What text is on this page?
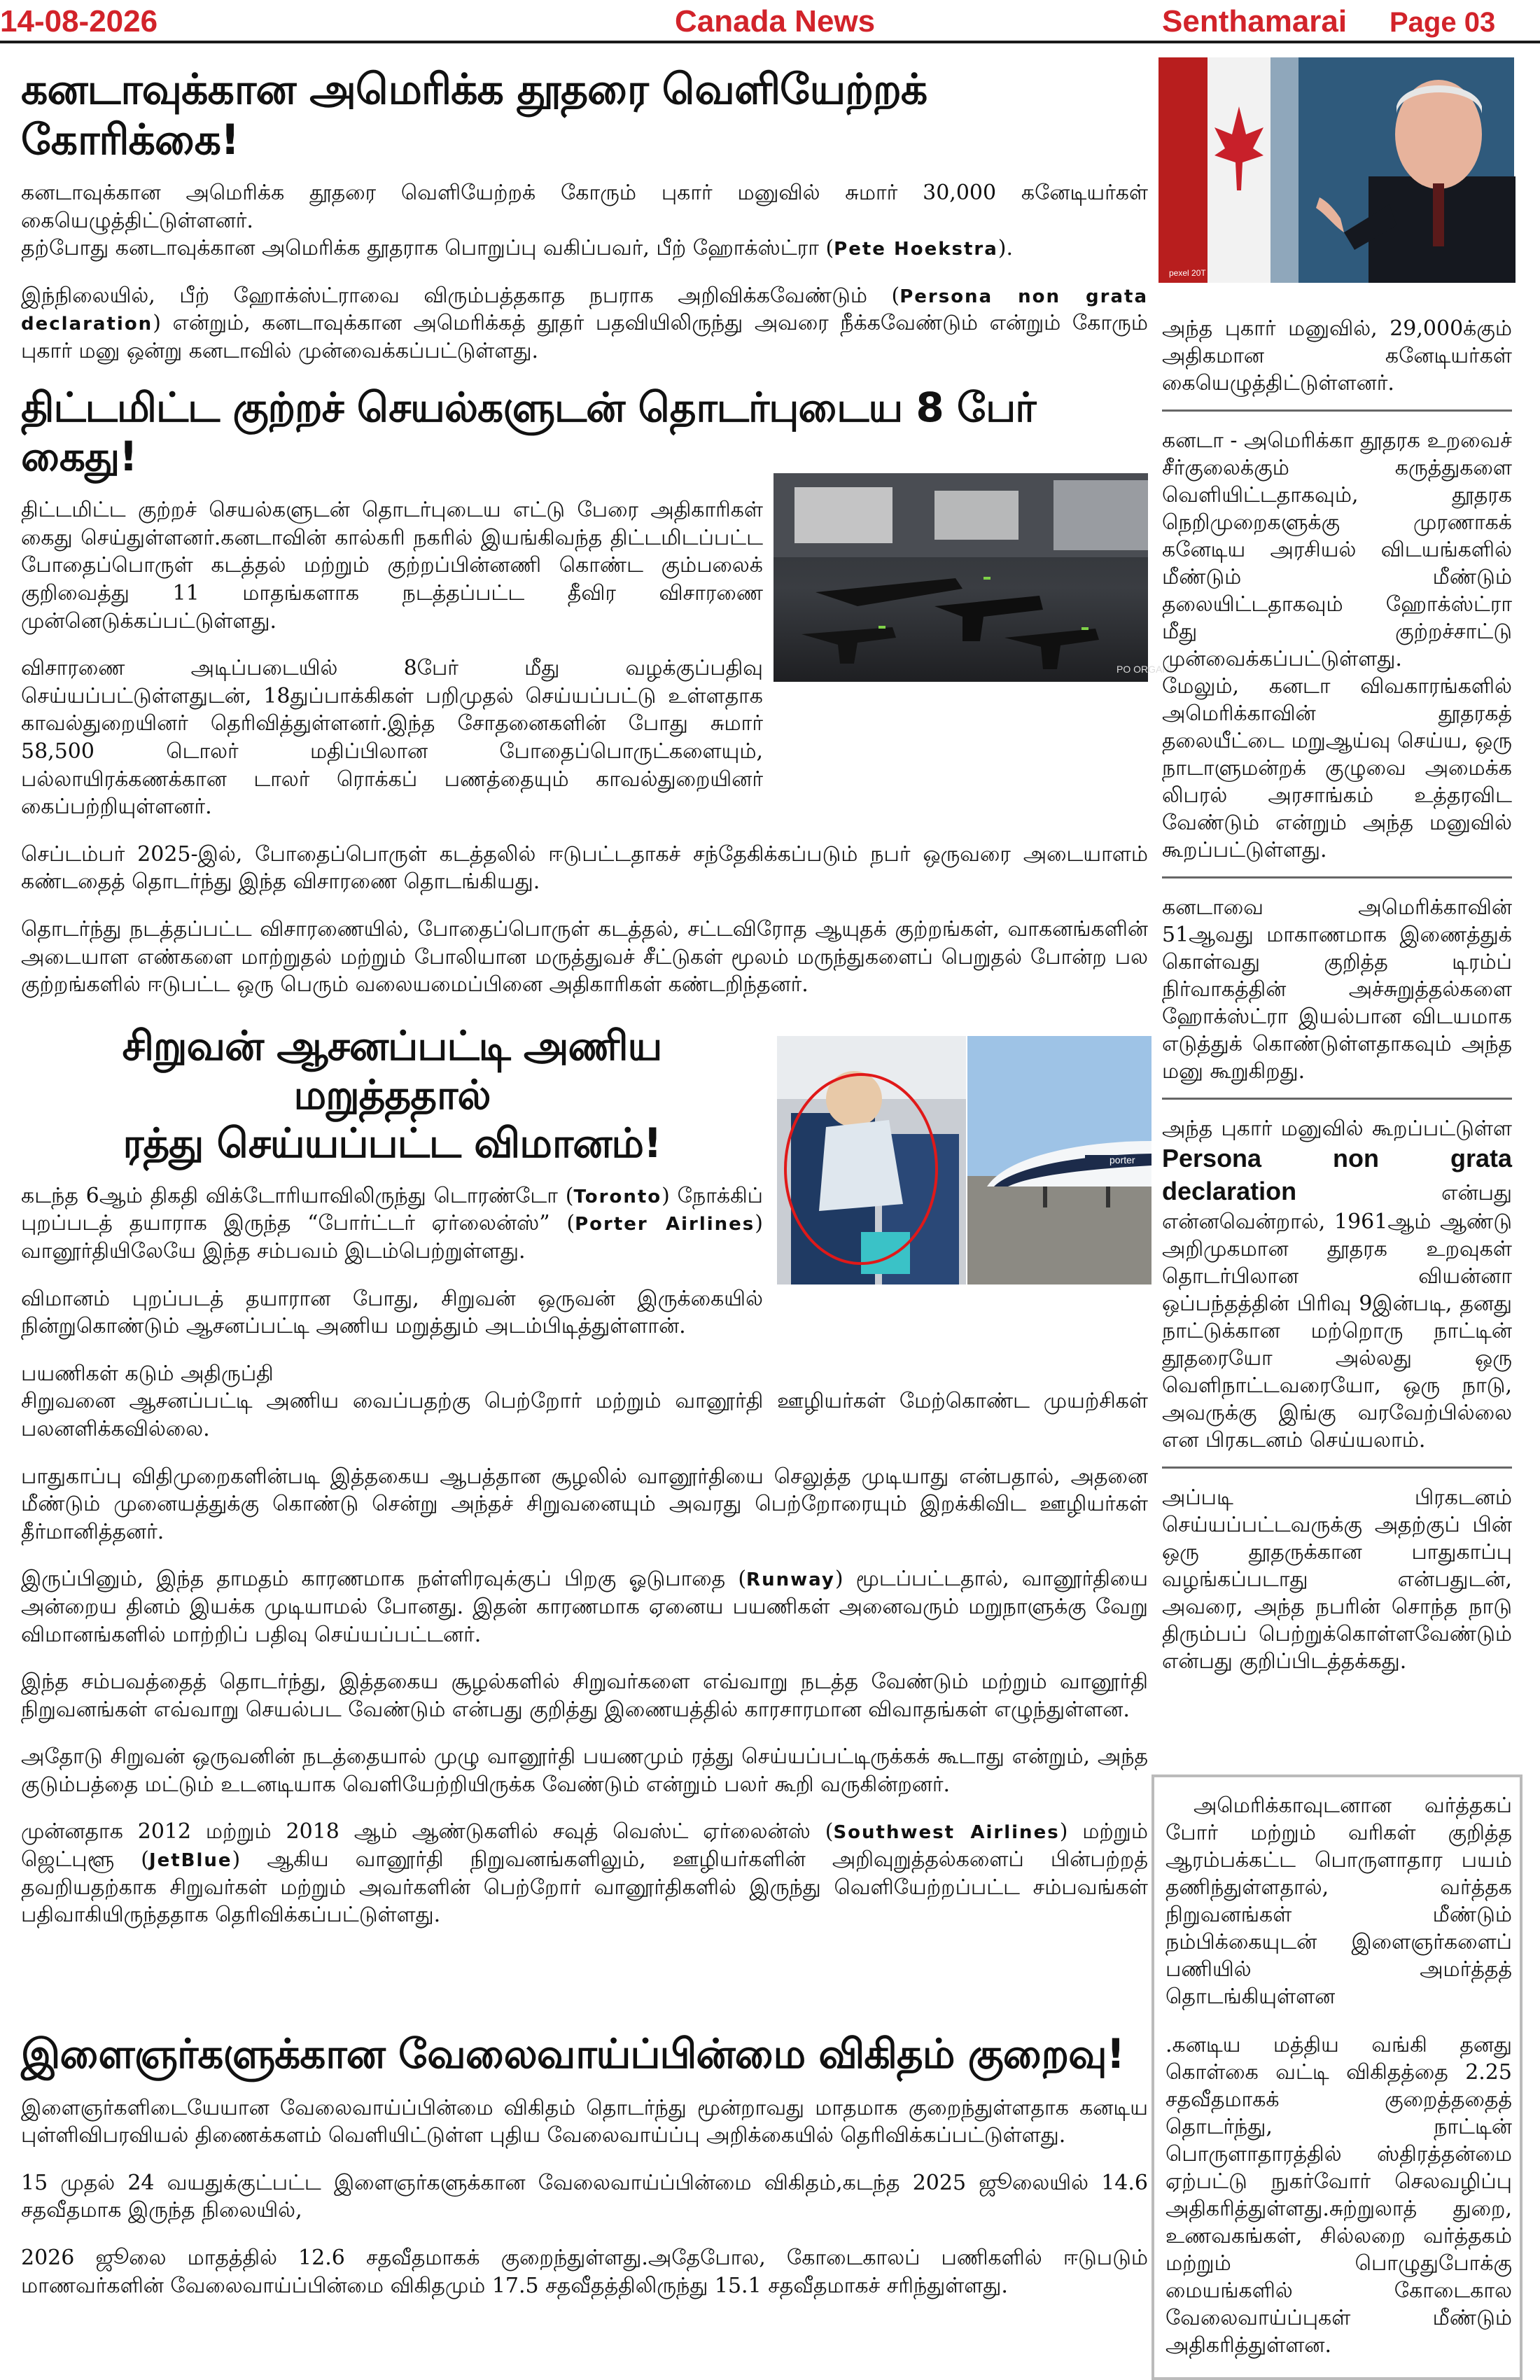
14-08-2026	Canada News	Senthamarai Page 03
கனடாவுக்கான அமெரிக்க தூதரை வெளியேற்றக் கோரிக்கை!

கனடாவுக்கான அமெரிக்க தூதரை வெளியேற்றக் கோரும் புகார் மனுவில் சுமார் 30,000 கனேடியர்கள் கையெழுத்திட்டுள்ளனர்.

தற்போது கனடாவுக்கான அமெரிக்க தூதராக பொறுப்பு வகிப்பவர், பீற் ஹோக்ஸ்ட்ரா (Pete Hoekstra).

இந்நிலையில், பீற் ஹோக்ஸ்ட்ராவை விரும்பத்தகாத நபராக அறிவிக்கவேண்டும் (Persona non grata declaration) என்றும், கனடாவுக்கான அமெரிக்கத் தூதர் பதவியிலிருந்து அவரை நீக்கவேண்டும் என்றும் கோரும் புகார் மனு ஒன்று கனடாவில் முன்வைக்கப்பட்டுள்ளது.

திட்டமிட்ட குற்றச் செயல்களுடன் தொடர்புடைய 8 பேர் கைது!
PO ORGANI

திட்டமிட்ட குற்றச் செயல்களுடன் தொடர்புடைய எட்டு பேரை அதிகாரிகள் கைது செய்துள்ளனர்.கனடாவின் கால்கரி நகரில் இயங்கிவந்த திட்டமிடப்பட்ட போதைப்பொருள் கடத்தல் மற்றும் குற்றப்பின்னணி கொண்ட கும்பலைக் குறிவைத்து 11 மாதங்களாக நடத்தப்பட்ட தீவிர விசாரணை முன்னெடுக்கப்பட்டுள்ளது.

விசாரணை அடிப்படையில் 8பேர் மீது வழக்குப்பதிவு செய்யப்பட்டுள்ளதுடன், 18துப்பாக்கிகள் பறிமுதல் செய்யப்பட்டு உள்ளதாக காவல்துறையினர் தெரிவித்துள்ளனர்.இந்த சோதனைகளின் போது சுமார் 58,500 டொலர் மதிப்பிலான போதைப்பொருட்களையும், பல்லாயிரக்கணக்கான டாலர் ரொக்கப் பணத்தையும் காவல்துறையினர் கைப்பற்றியுள்ளனர்.

செப்டம்பர் 2025-இல், போதைப்பொருள் கடத்தலில் ஈடுபட்டதாகச் சந்தேகிக்கப்படும் நபர் ஒருவரை அடையாளம் கண்டதைத் தொடர்ந்து இந்த விசாரணை தொடங்கியது.

தொடர்ந்து நடத்தப்பட்ட விசாரணையில், போதைப்பொருள் கடத்தல், சட்டவிரோத ஆயுதக் குற்றங்கள், வாகனங்களின் அடையாள எண்களை மாற்றுதல் மற்றும் போலியான மருத்துவச் சீட்டுகள் மூலம் மருந்துகளைப் பெறுதல் போன்ற பல குற்றங்களில் ஈடுபட்ட ஒரு பெரும் வலையமைப்பினை அதிகாரிகள் கண்டறிந்தனர்.

சிறுவன் ஆசனப்பட்டி அணிய மறுத்ததால்
ரத்து செய்யப்பட்ட விமானம்!	porter

கடந்த 6ஆம் திகதி விக்டோரியாவிலிருந்து டொரண்டோ (Toronto) நோக்கிப் புறப்படத் தயாராக இருந்த “போர்ட்டர் ஏர்லைன்ஸ்” (Porter Airlines) வானூர்தியிலேயே இந்த சம்பவம் இடம்பெற்றுள்ளது.

விமானம் புறப்படத் தயாரான போது, சிறுவன் ஒருவன் இருக்கையில் நின்றுகொண்டும் ஆசனப்பட்டி அணிய மறுத்தும் அடம்பிடித்துள்ளான்.

பயணிகள் கடும் அதிருப்தி

சிறுவனை ஆசனப்பட்டி அணிய வைப்பதற்கு பெற்றோர் மற்றும் வானூர்தி ஊழியர்கள் மேற்கொண்ட முயற்சிகள் பலனளிக்கவில்லை.

பாதுகாப்பு விதிமுறைகளின்படி இத்தகைய ஆபத்தான சூழலில் வானூர்தியை செலுத்த முடியாது என்பதால், அதனை மீண்டும் முனையத்துக்கு கொண்டு சென்று அந்தச் சிறுவனையும் அவரது பெற்றோரையும் இறக்கிவிட ஊழியர்கள் தீர்மானித்தனர்.

இருப்பினும், இந்த தாமதம் காரணமாக நள்ளிரவுக்குப் பிறகு ஓடுபாதை (Runway) மூடப்பட்டதால், வானூர்தியை அன்றைய தினம் இயக்க முடியாமல் போனது. இதன் காரணமாக ஏனைய பயணிகள் அனைவரும் மறுநாளுக்கு வேறு விமானங்களில் மாற்றிப் பதிவு செய்யப்பட்டனர்.

இந்த சம்பவத்தைத் தொடர்ந்து, இத்தகைய சூழல்களில் சிறுவர்களை எவ்வாறு நடத்த வேண்டும் மற்றும் வானூர்தி நிறுவனங்கள் எவ்வாறு செயல்பட வேண்டும் என்பது குறித்து இணையத்தில் காரசாரமான விவாதங்கள் எழுந்துள்ளன.

அதோடு சிறுவன் ஒருவனின் நடத்தையால் முழு வானூர்தி பயணமும் ரத்து செய்யப்பட்டிருக்கக் கூடாது என்றும், அந்த குடும்பத்தை மட்டும் உடனடியாக வெளியேற்றியிருக்க வேண்டும் என்றும் பலர் கூறி வருகின்றனர்.

முன்னதாக 2012 மற்றும் 2018 ஆம் ஆண்டுகளில் சவுத் வெஸ்ட் ஏர்லைன்ஸ் (Southwest Airlines) மற்றும் ஜெட்புளூ (JetBlue) ஆகிய வானூர்தி நிறுவனங்களிலும், ஊழியர்களின் அறிவுறுத்தல்களைப் பின்பற்றத் தவறியதற்காக சிறுவர்கள் மற்றும் அவர்களின் பெற்றோர் வானூர்திகளில் இருந்து வெளியேற்றப்பட்ட சம்பவங்கள் பதிவாகியிருந்ததாக தெரிவிக்கப்பட்டுள்ளது.

இளைஞர்களுக்கான வேலைவாய்ப்பின்மை விகிதம் குறைவு!

இளைஞர்களிடையேயான வேலைவாய்ப்பின்மை விகிதம் தொடர்ந்து மூன்றாவது மாதமாக குறைந்துள்ளதாக கனடிய புள்ளிவிபரவியல் திணைக்களம் வெளியிட்டுள்ள புதிய வேலைவாய்ப்பு அறிக்கையில் தெரிவிக்கப்பட்டுள்ளது.

15 முதல் 24 வயதுக்குட்பட்ட இளைஞர்களுக்கான வேலைவாய்ப்பின்மை விகிதம்,கடந்த 2025 ஜூலையில் 14.6 சதவீதமாக இருந்த நிலையில்,

2026 ஜூலை மாதத்தில் 12.6 சதவீதமாகக் குறைந்துள்ளது.அதேபோல, கோடைகாலப் பணிகளில் ஈடுபடும் மாணவர்களின் வேலைவாய்ப்பின்மை விகிதமும் 17.5 சதவீதத்திலிருந்து 15.1 சதவீதமாகச் சரிந்துள்ளது.

pexel 20T

அந்த புகார் மனுவில், 29,000க்கும் அதிகமான கனேடியர்கள் கையெழுத்திட்டுள்ளனர்.

கனடா - அமெரிக்கா தூதரக உறவைச் சீர்குலைக்கும் கருத்துகளை வெளியிட்டதாகவும், தூதரக நெறிமுறைகளுக்கு முரணாகக் கனேடிய அரசியல் விடயங்களில் மீண்டும் மீண்டும் தலையிட்டதாகவும் ஹோக்ஸ்ட்ரா மீது குற்றச்சாட்டு முன்வைக்கப்பட்டுள்ளது.

மேலும், கனடா விவகாரங்களில் அமெரிக்காவின் தூதரகத் தலையீட்டை மறுஆய்வு செய்ய, ஒரு நாடாளுமன்றக் குழுவை அமைக்க லிபரல் அரசாங்கம் உத்தரவிட வேண்டும் என்றும் அந்த மனுவில் கூறப்பட்டுள்ளது.

கனடாவை அமெரிக்காவின் 51ஆவது மாகாணமாக இணைத்துக் கொள்வது குறித்த டிரம்ப் நிர்வாகத்தின் அச்சுறுத்தல்களை ஹோக்ஸ்ட்ரா இயல்பான விடயமாக எடுத்துக் கொண்டுள்ளதாகவும் அந்த மனு கூறுகிறது.

அந்த புகார் மனுவில் கூறப்பட்டுள்ள Persona non grata declaration	என்பது என்னவென்றால், 1961ஆம் ஆண்டு அறிமுகமான தூதரக உறவுகள் தொடர்பிலான வியன்னா ஒப்பந்தத்தின் பிரிவு 9இன்படி, தனது நாட்டுக்கான மற்றொரு நாட்டின் தூதரையோ அல்லது ஒரு வெளிநாட்டவரையோ, ஒரு நாடு, அவருக்கு இங்கு வரவேற்பில்லை என பிரகடனம் செய்யலாம்.

அப்படி பிரகடனம் செய்யப்பட்டவருக்கு அதற்குப் பின் ஒரு தூதருக்கான பாதுகாப்பு வழங்கப்படாது என்பதுடன், அவரை, அந்த நபரின் சொந்த நாடு திரும்பப் பெற்றுக்கொள்ளவேண்டும் என்பது குறிப்பிடத்தக்கது.

அமெரிக்காவுடனான வர்த்தகப் போர் மற்றும் வரிகள் குறித்த ஆரம்பக்கட்ட பொருளாதார பயம் தணிந்துள்ளதால், வர்த்தக நிறுவனங்கள் மீண்டும் நம்பிக்கையுடன் இளைஞர்களைப் பணியில் அமர்த்தத் தொடங்கியுள்ளன

.கனடிய மத்திய வங்கி தனது கொள்கை வட்டி விகிதத்தை 2.25 சதவீதமாகக் குறைத்ததைத் தொடர்ந்து, நாட்டின் பொருளாதாரத்தில் ஸ்திரத்தன்மை ஏற்பட்டு நுகர்வோர் செலவழிப்பு அதிகரித்துள்ளது.சுற்றுலாத் துறை, உணவகங்கள், சில்லறை வர்த்தகம் மற்றும் பொழுதுபோக்கு மையங்களில் கோடைகால வேலைவாய்ப்புகள் மீண்டும் அதிகரித்துள்ளன.
